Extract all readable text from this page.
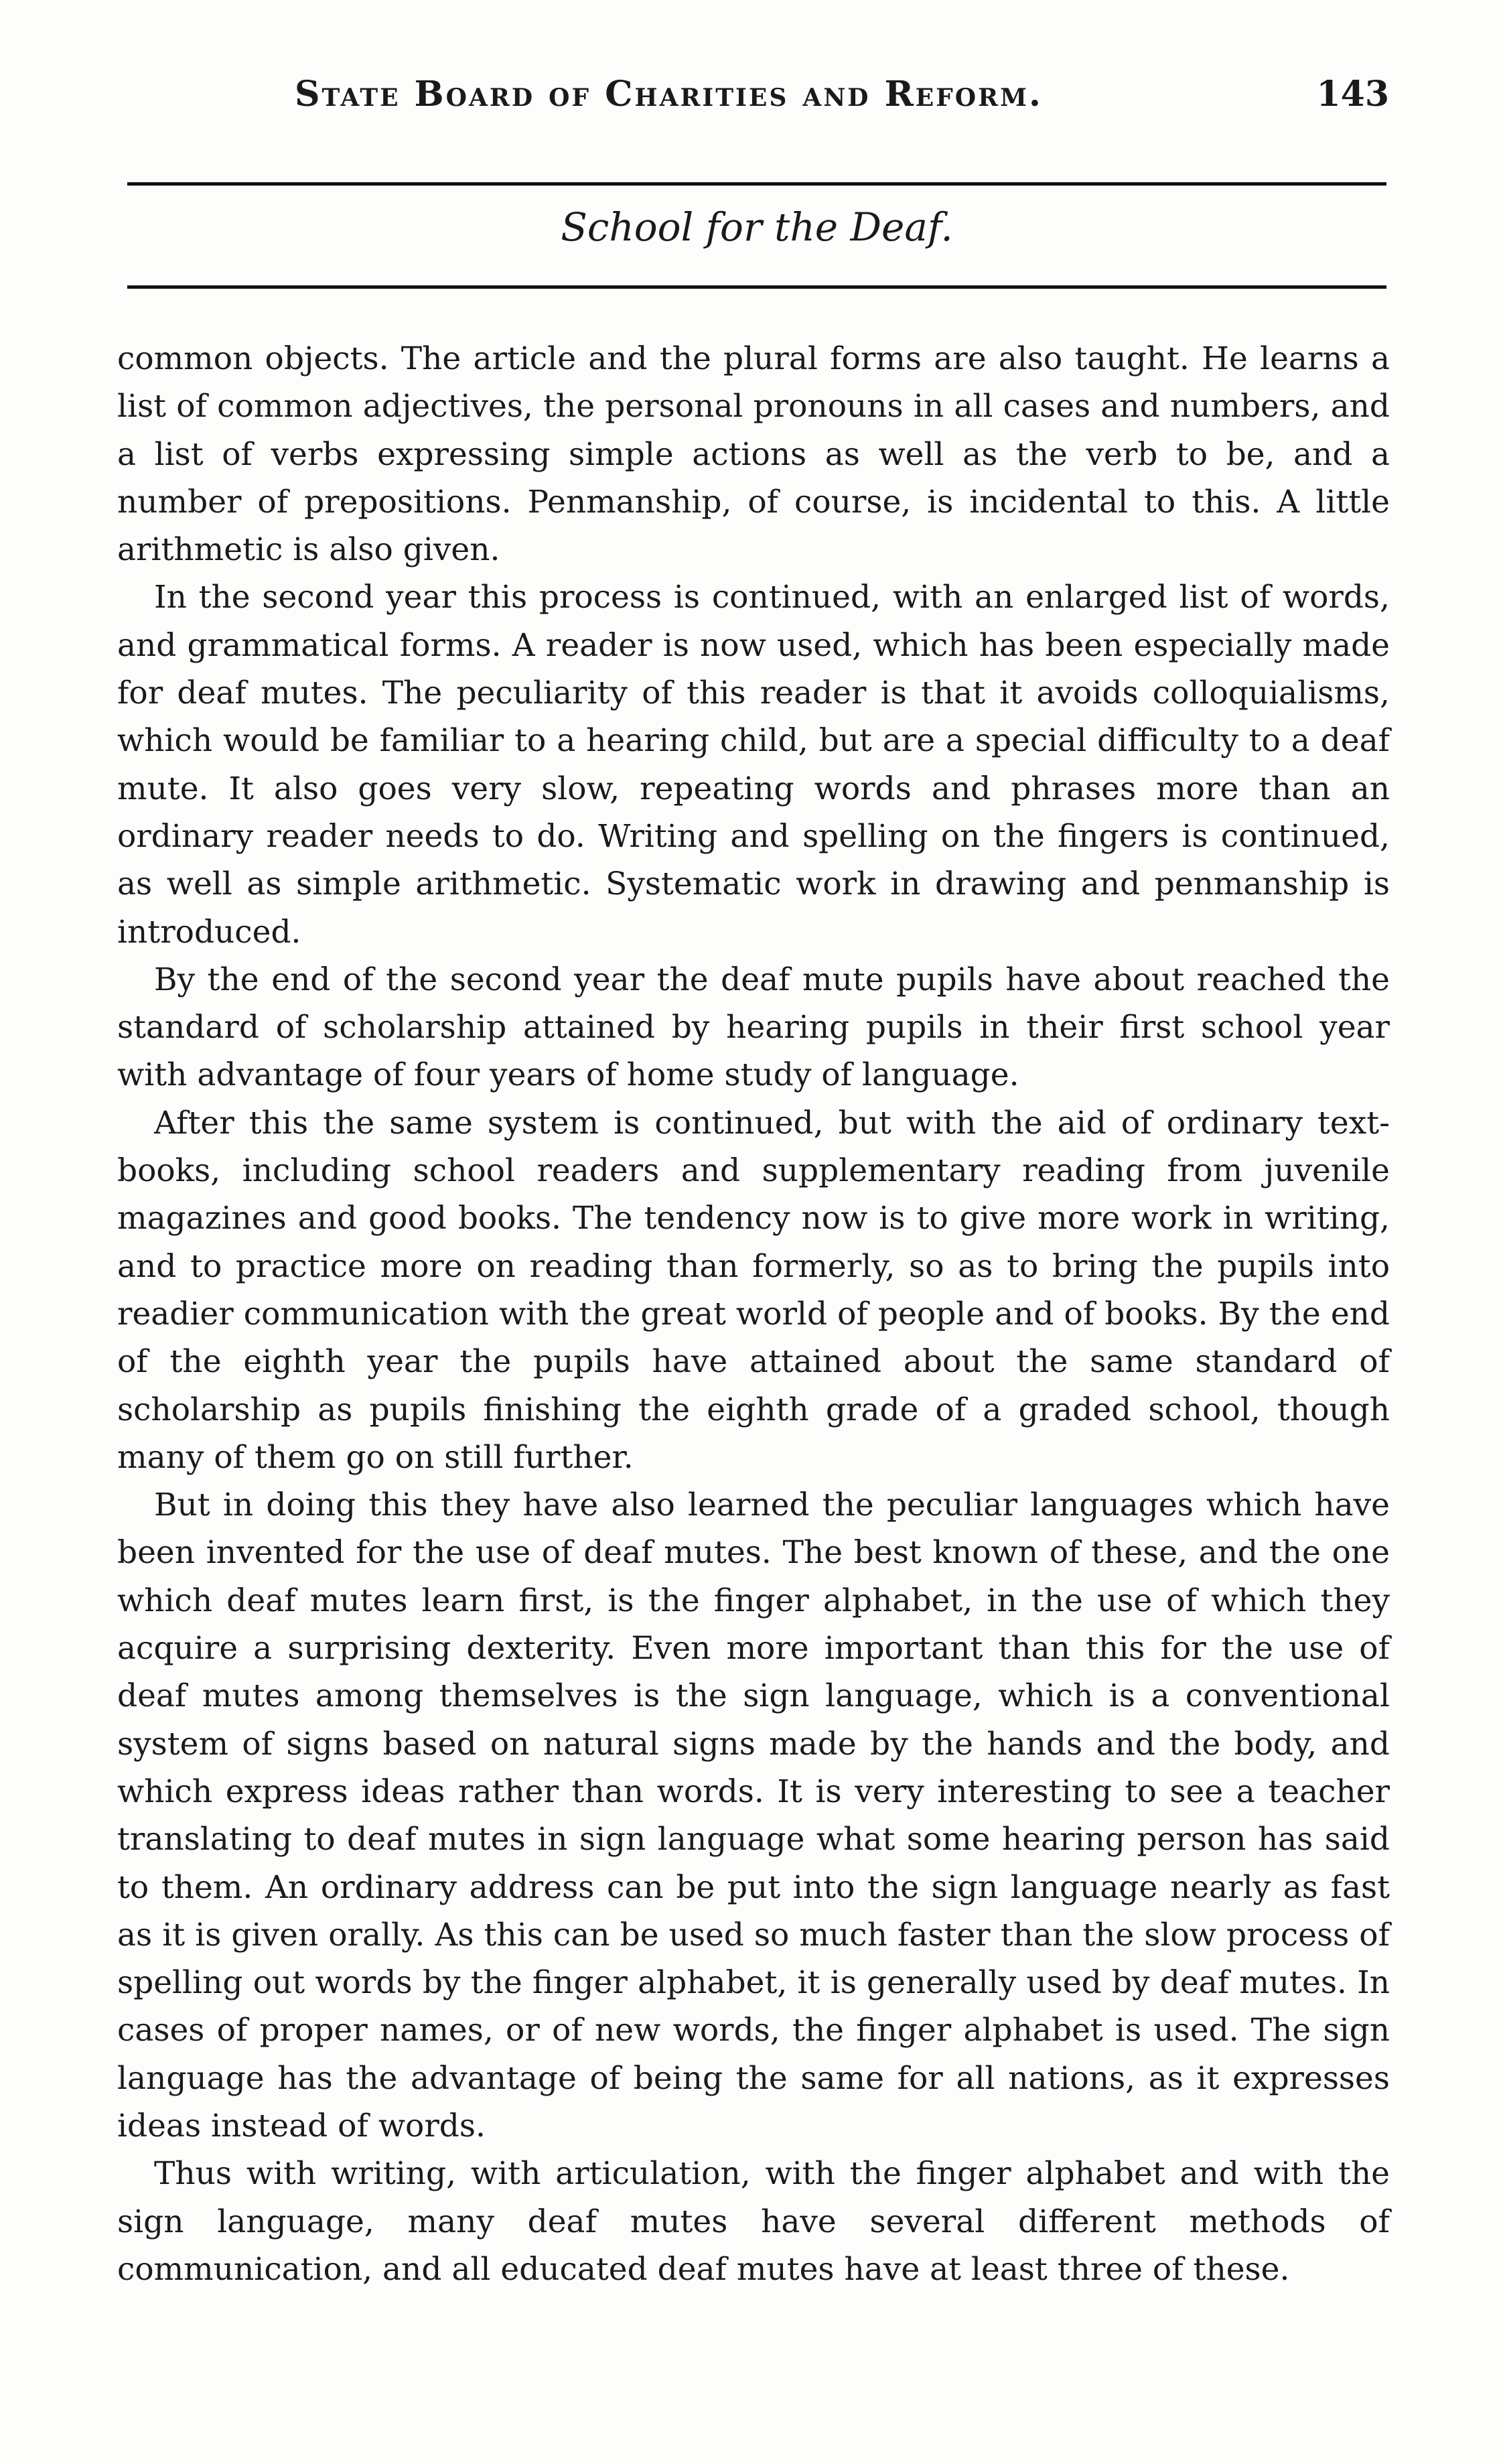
State Board of Charities and Reform.	143
School for the Deaf.

common objects. The article and the plural forms are also taught. He learns a list of common adjectives, the personal pronouns in all cases and numbers, and a list of verbs expressing simple actions as well as the verb to be, and a number of prepositions. Penmanship, of course, is incidental to this. A little arithmetic is also given.

In the second year this process is continued, with an enlarged list of words, and grammatical forms. A reader is now used, which has been especially made for deaf mutes. The peculiarity of this reader is that it avoids colloquialisms, which would be familiar to a hearing child, but are a special difficulty to a deaf mute. It also goes very slow, repeating words and phrases more than an ordinary reader needs to do. Writing and spelling on the fingers is continued, as well as simple arithmetic. Systematic work in drawing and penmanship is introduced.

By the end of the second year the deaf mute pupils have about reached the standard of scholarship attained by hearing pupils in their first school year with advantage of four years of home study of language.

After this the same system is continued, but with the aid of ordinary text-books, including school readers and supplementary reading from juvenile magazines and good books. The tendency now is to give more work in writing, and to practice more on reading than formerly, so as to bring the pupils into readier communication with the great world of people and of books. By the end of the eighth year the pupils have attained about the same standard of scholarship as pupils finishing the eighth grade of a graded school, though many of them go on still further.

But in doing this they have also learned the peculiar languages which have been invented for the use of deaf mutes. The best known of these, and the one which deaf mutes learn first, is the finger alphabet, in the use of which they acquire a surprising dexterity. Even more important than this for the use of deaf mutes among themselves is the sign language, which is a conventional system of signs based on natural signs made by the hands and the body, and which express ideas rather than words. It is very interesting to see a teacher translating to deaf mutes in sign language what some hearing person has said to them. An ordinary address can be put into the sign language nearly as fast as it is given orally. As this can be used so much faster than the slow process of spelling out words by the finger alphabet, it is generally used by deaf mutes. In cases of proper names, or of new words, the finger alphabet is used. The sign language has the advantage of being the same for all nations, as it expresses ideas instead of words.

Thus with writing, with articulation, with the finger alphabet and with the sign language, many deaf mutes have several different methods of communication, and all educated deaf mutes have at least three of these.
